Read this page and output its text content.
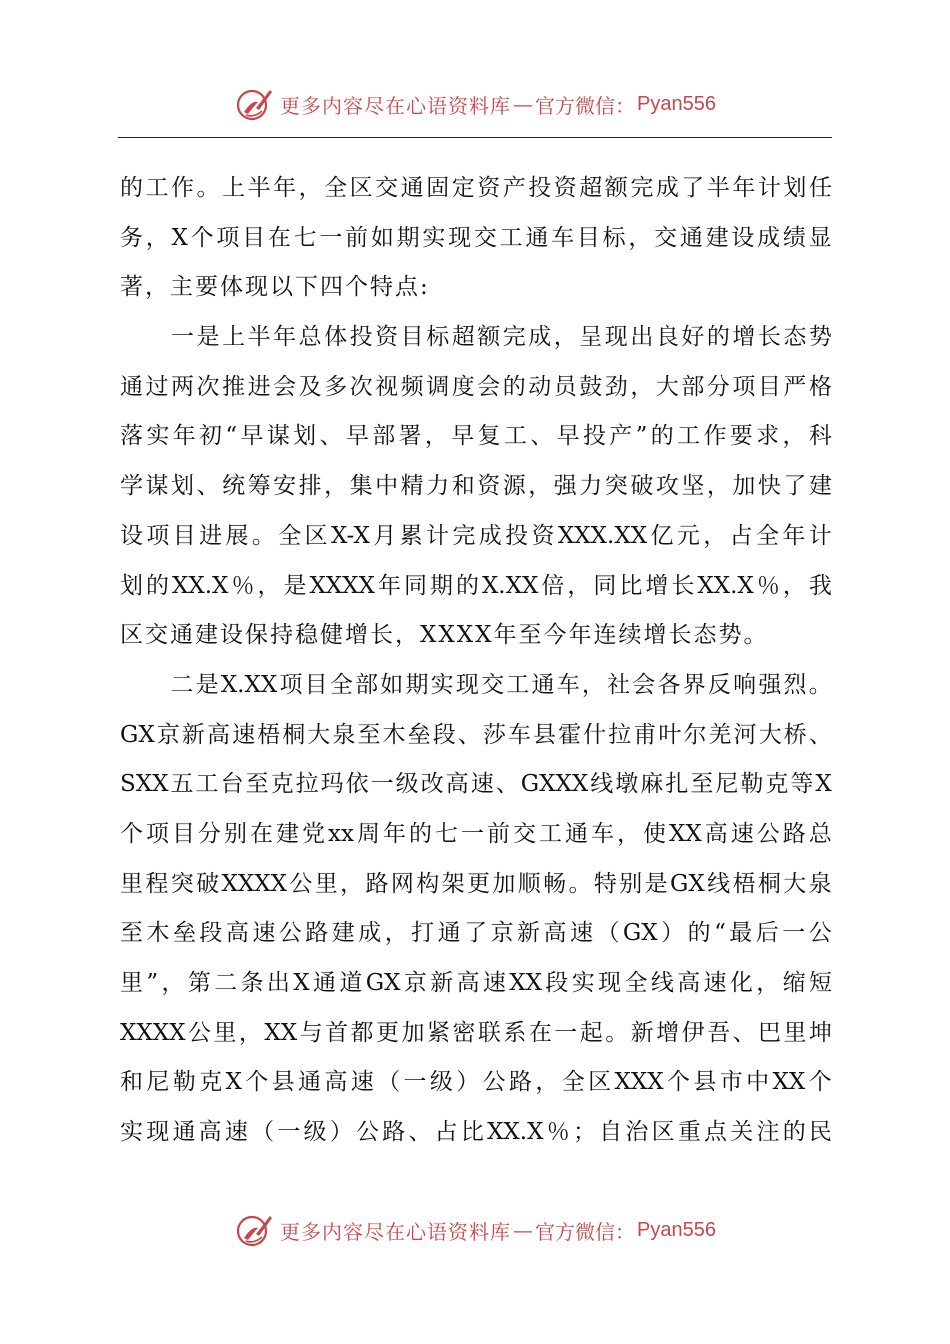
更多内容尽在心语资料库 — 官方微信： Pyan556
的 工 作 。 上 半 年 ， 全 区 交 通 固 定 资 产 投 资 超 额 完 成 了 半 年 计 划 任
务 ， X 个 项 目 在 七 一 前 如 期 实 现 交 工 通 车 目 标 ， 交 通 建 设 成 绩 显
著，主要体现以下四个特点:

一 是 上 半 年 总 体 投 资 目 标 超 额 完 成 ， 呈 现 出 良 好 的 增 长 态 势
通 过 两 次 推 进 会 及 多 次 视 频 调 度 会 的 动 员 鼓 劲 ， 大 部 分 项 目 严 格
落 实 年 初 “ 早 谋 划 、 早 部 署 ， 早 复 工 、 早 投 产 ” 的 工 作 要 求 ， 科
学 谋 划 、 统 筹 安 排 ， 集 中 精 力 和 资 源 ， 强 力 突 破 攻 坚 ， 加 快 了 建
设 项 目 进 展 。 全 区 X-X 月 累 计 完 成 投 资 XXX.XX 亿 元 ， 占 全 年 计
划 的 XX.X ％ ， 是 XXXX 年 同 期 的 X.XX 倍 ， 同 比 增 长 XX.X ％ ， 我
区交通建设保持稳健增长，XXXX年至今年连续增长态势。

二 是 X.XX 项 目 全 部 如 期 实 现 交 工 通 车 ， 社 会 各 界 反 响 强 烈 。
GX 京 新 高 速 梧 桐 大 泉 至 木 垒 段 、 莎 车 县 霍 什 拉 甫 叶 尔 羌 河 大 桥 、
SXX 五 工 台 至 克 拉 玛 依 一 级 改 高 速 、 GXXX 线 墩 麻 扎 至 尼 勒 克 等 X
个 项 目 分 别 在 建 党 xx 周 年 的 七 一 前 交 工 通 车 ， 使 XX 高 速 公 路 总
里 程 突 破 XXXX 公 里 ， 路 网 构 架 更 加 顺 畅 。 特 别 是 GX 线 梧 桐 大 泉
至 木 垒 段 高 速 公 路 建 成 ， 打 通 了 京 新 高 速 （ GX ） 的 “ 最 后 一 公
里 ” ， 第 二 条 出 X 通 道 GX 京 新 高 速 XX 段 实 现 全 线 高 速 化 ， 缩 短
XXXX 公 里 ， XX 与 首 都 更 加 紧 密 联 系 在 一 起 。 新 增 伊 吾 、 巴 里 坤
和 尼 勒 克 X 个 县 通 高 速 （ 一 级 ） 公 路 ， 全 区 XXX 个 县 市 中 XX 个
实 现 通 高 速 （ 一 级 ） 公 路 、 占 比 XX.X ％ ； 自 治 区 重 点 关 注 的 民
更多内容尽在心语资料库 — 官方微信： Pyan556
